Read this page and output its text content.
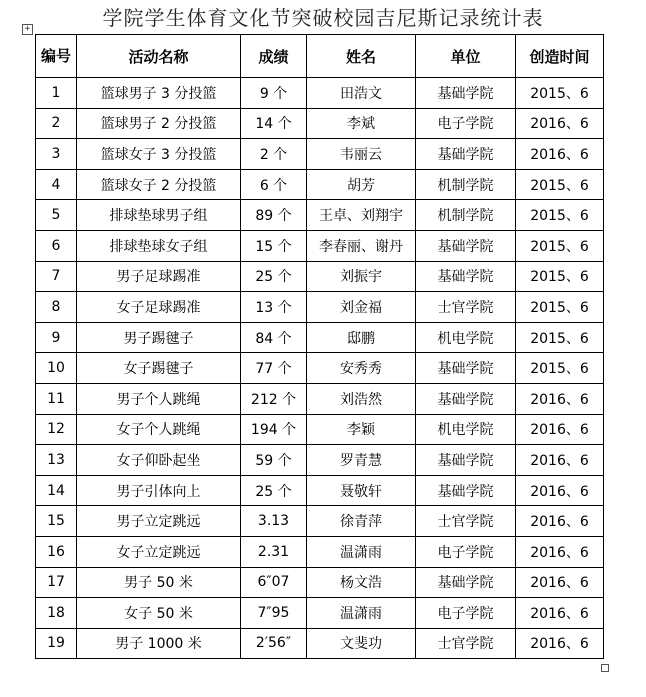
学院学生体育文化节突破校园吉尼斯记录统计表
+
编号	活动名称	成绩	姓名	单位	创造时间
1	篮球男子 3 分投篮	9 个	田浩文	基础学院	2015、6
2	篮球男子 2 分投篮	14 个	李斌	电子学院	2016、6
3	篮球女子 3 分投篮	2 个	韦丽云	基础学院	2016、6
4	篮球女子 2 分投篮	6 个	胡芳	机制学院	2015、6
5	排球垫球男子组	89 个	王卓、刘翔宇	机制学院	2015、6
6	排球垫球女子组	15 个	李春丽、谢丹	基础学院	2015、6
7	男子足球踢准	25 个	刘振宇	基础学院	2015、6
8	女子足球踢准	13 个	刘金福	士官学院	2015、6
9	男子踢毽子	84 个	邸鹏	机电学院	2015、6
10	女子踢毽子	77 个	安秀秀	基础学院	2015、6
11	男子个人跳绳	212 个	刘浩然	基础学院	2016、6
12	女子个人跳绳	194 个	李颖	机电学院	2016、6
13	女子仰卧起坐	59 个	罗青慧	基础学院	2016、6
14	男子引体向上	25 个	聂敬轩	基础学院	2016、6
15	男子立定跳远	3.13	徐青萍	士官学院	2016、6
16	女子立定跳远	2.31	温潇雨	电子学院	2016、6
17	男子 50 米	6″07	杨文浩	基础学院	2016、6
18	女子 50 米	7″95	温潇雨	电子学院	2016、6
19	男子 1000 米	2′56″	文斐功	士官学院	2016、6
